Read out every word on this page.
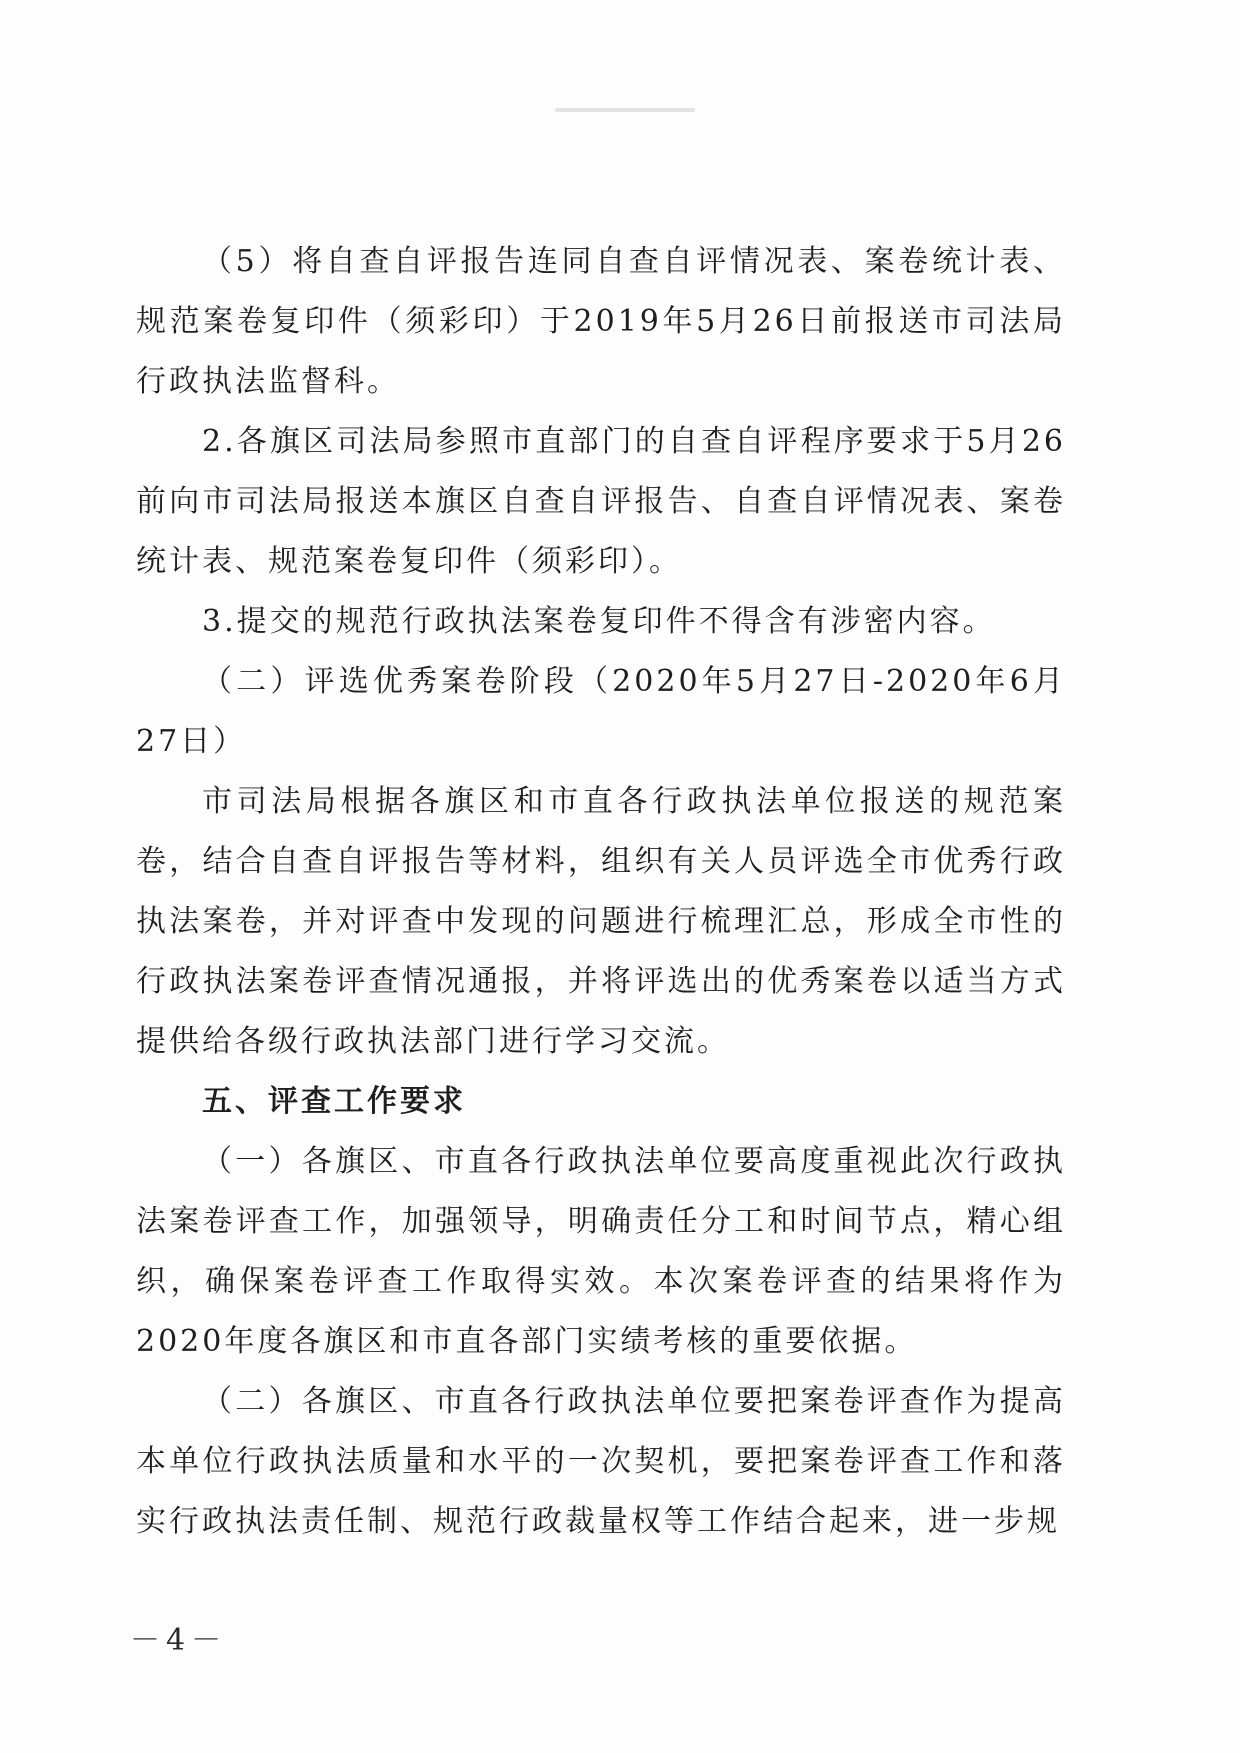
（5）将自查自评报告连同自查自评情况表、案卷统计表、规范案卷复印件（须彩印）于2019年5月26日前报送市司法局行政执法监督科。

2.各旗区司法局参照市直部门的自查自评程序要求于5月26前向市司法局报送本旗区自查自评报告、自查自评情况表、案卷统计表、规范案卷复印件（须彩印）。

3.提交的规范行政执法案卷复印件不得含有涉密内容。

（二）评选优秀案卷阶段（2020年5月27日-2020年6月27日）

市司法局根据各旗区和市直各行政执法单位报送的规范案卷，结合自查自评报告等材料，组织有关人员评选全市优秀行政执法案卷，并对评查中发现的问题进行梳理汇总，形成全市性的行政执法案卷评查情况通报，并将评选出的优秀案卷以适当方式提供给各级行政执法部门进行学习交流。

五、评查工作要求

（一）各旗区、市直各行政执法单位要高度重视此次行政执法案卷评查工作，加强领导，明确责任分工和时间节点，精心组织，确保案卷评查工作取得实效。本次案卷评查的结果将作为2020年度各旗区和市直各部门实绩考核的重要依据。

（二）各旗区、市直各行政执法单位要把案卷评查作为提高本单位行政执法质量和水平的一次契机，要把案卷评查工作和落实行政执法责任制、规范行政裁量权等工作结合起来，进一步规

－4－
